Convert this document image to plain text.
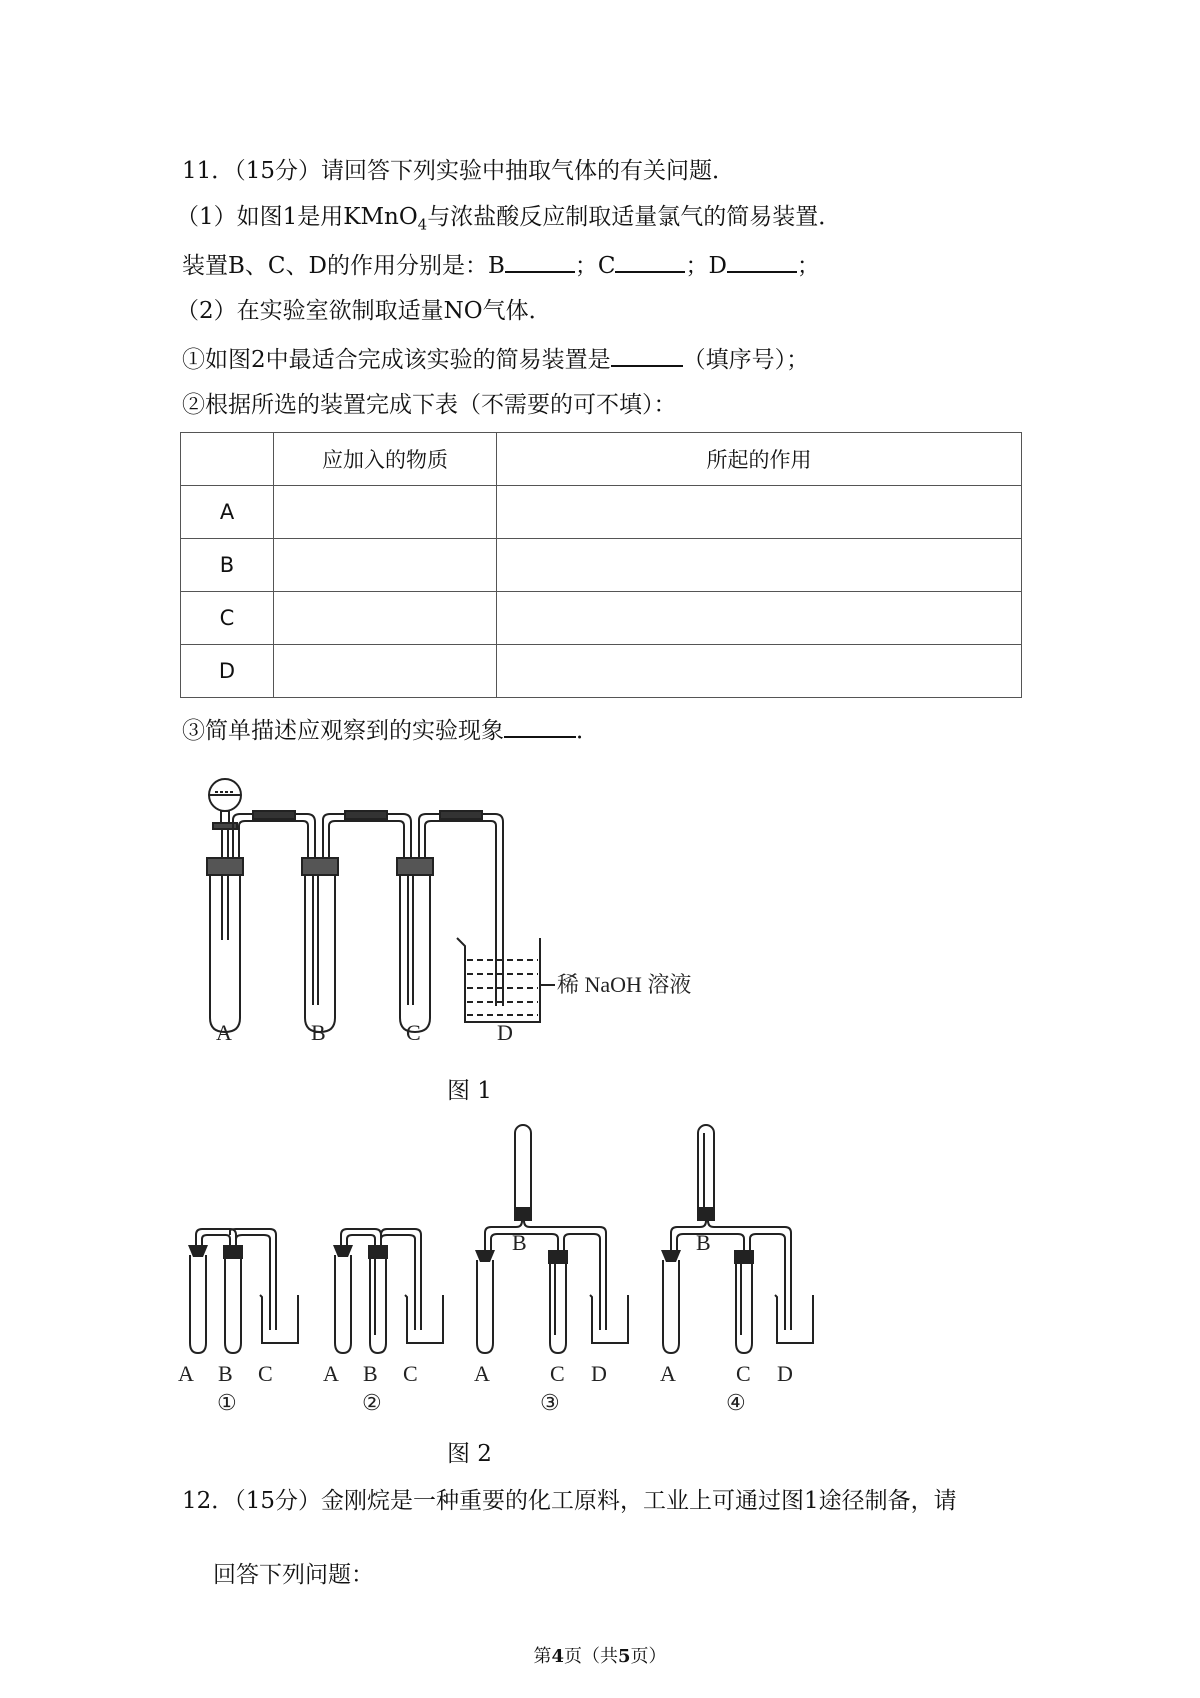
11．（15分）请回答下列实验中抽取气体的有关问题．
（1）如图1是用KMnO$_4$与浓盐酸反应制取适量氯气的简易装置．
装置B、C、D的作用分别是：B	；C	；D	；
（2）在实验室欲制取适量NO气体．
①如图2中最适合完成该实验的简易装置是	（填序号）；
②根据所选的装置完成下表（不需要的可不填）：
	应加入的物质	所起的作用
A		
B		
C		
D		
③简单描述应观察到的实验现象	．
稀 NaOH 溶液
A	B	C	D
图 1
A B C
①
A B C
②
A
B
C D
③
A
B
C D
④
图 2
12．（15分）金刚烷是一种重要的化工原料，工业上可通过图1途径制备，请
回答下列问题：
第4页（共5页）
